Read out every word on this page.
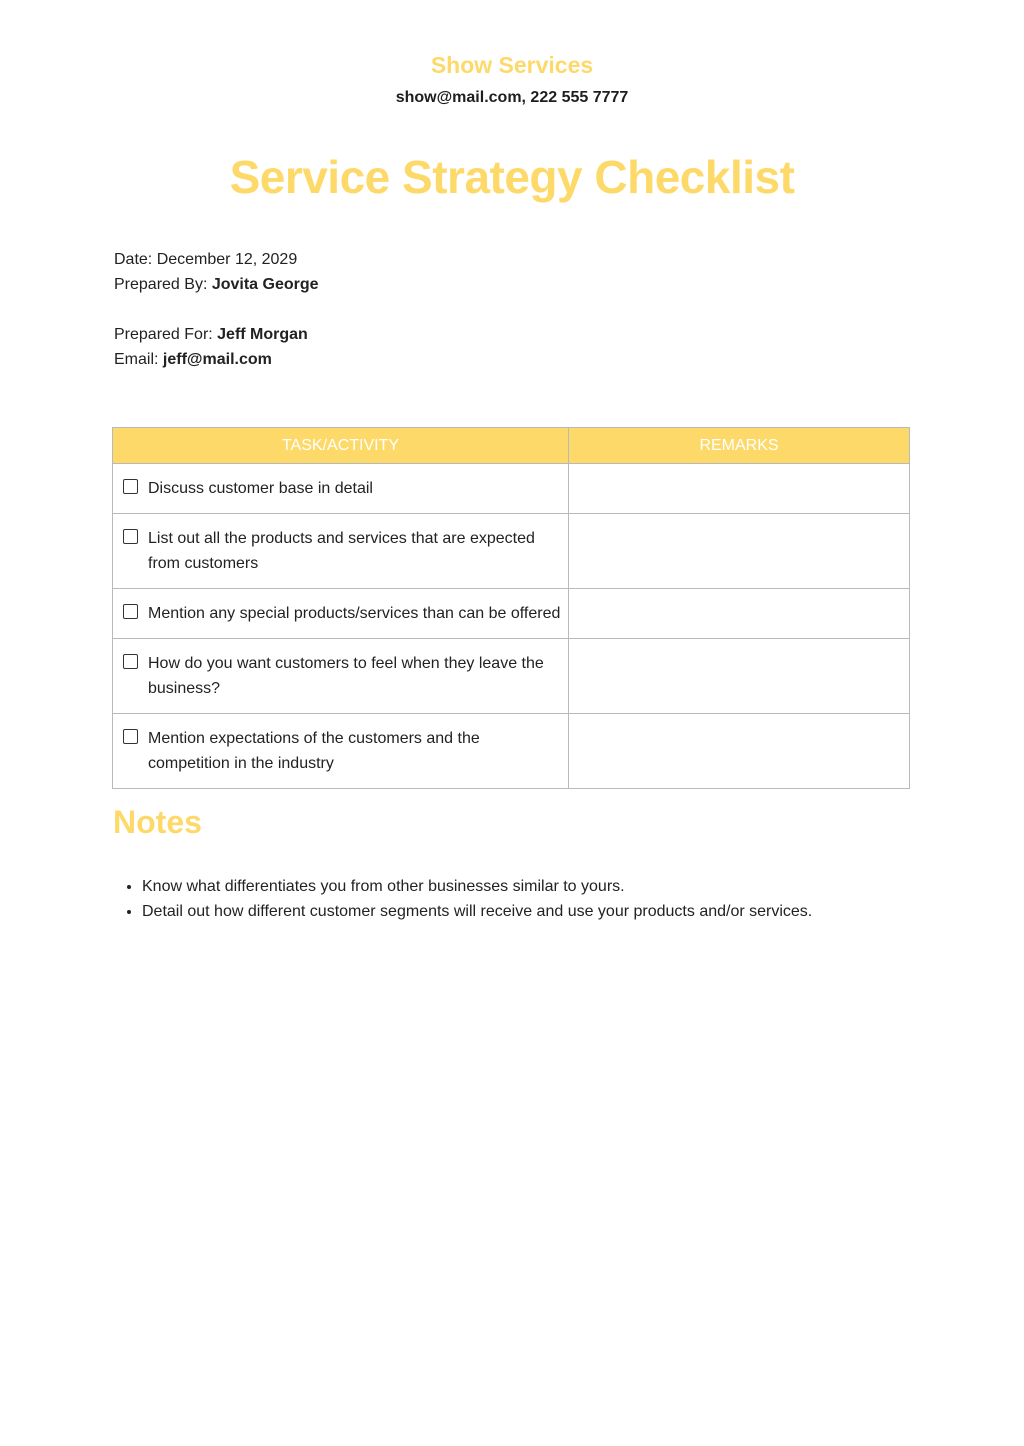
Show Services
show@mail.com, 222 555 7777
Service Strategy Checklist
Date: December 12, 2029
Prepared By: Jovita George
Prepared For: Jeff Morgan
Email: jeff@mail.com
TASK/ACTIVITY	REMARKS

Discuss customer base in detail	

List out all the products and services that are expected from customers	

Mention any special products/services than can be offered	

How do you want customers to feel when they leave the business?	

Mention expectations of the customers and the competition in the industry	

Notes
• Know what differentiates you from other businesses similar to yours.
• Detail out how different customer segments will receive and use your products and/or services.
